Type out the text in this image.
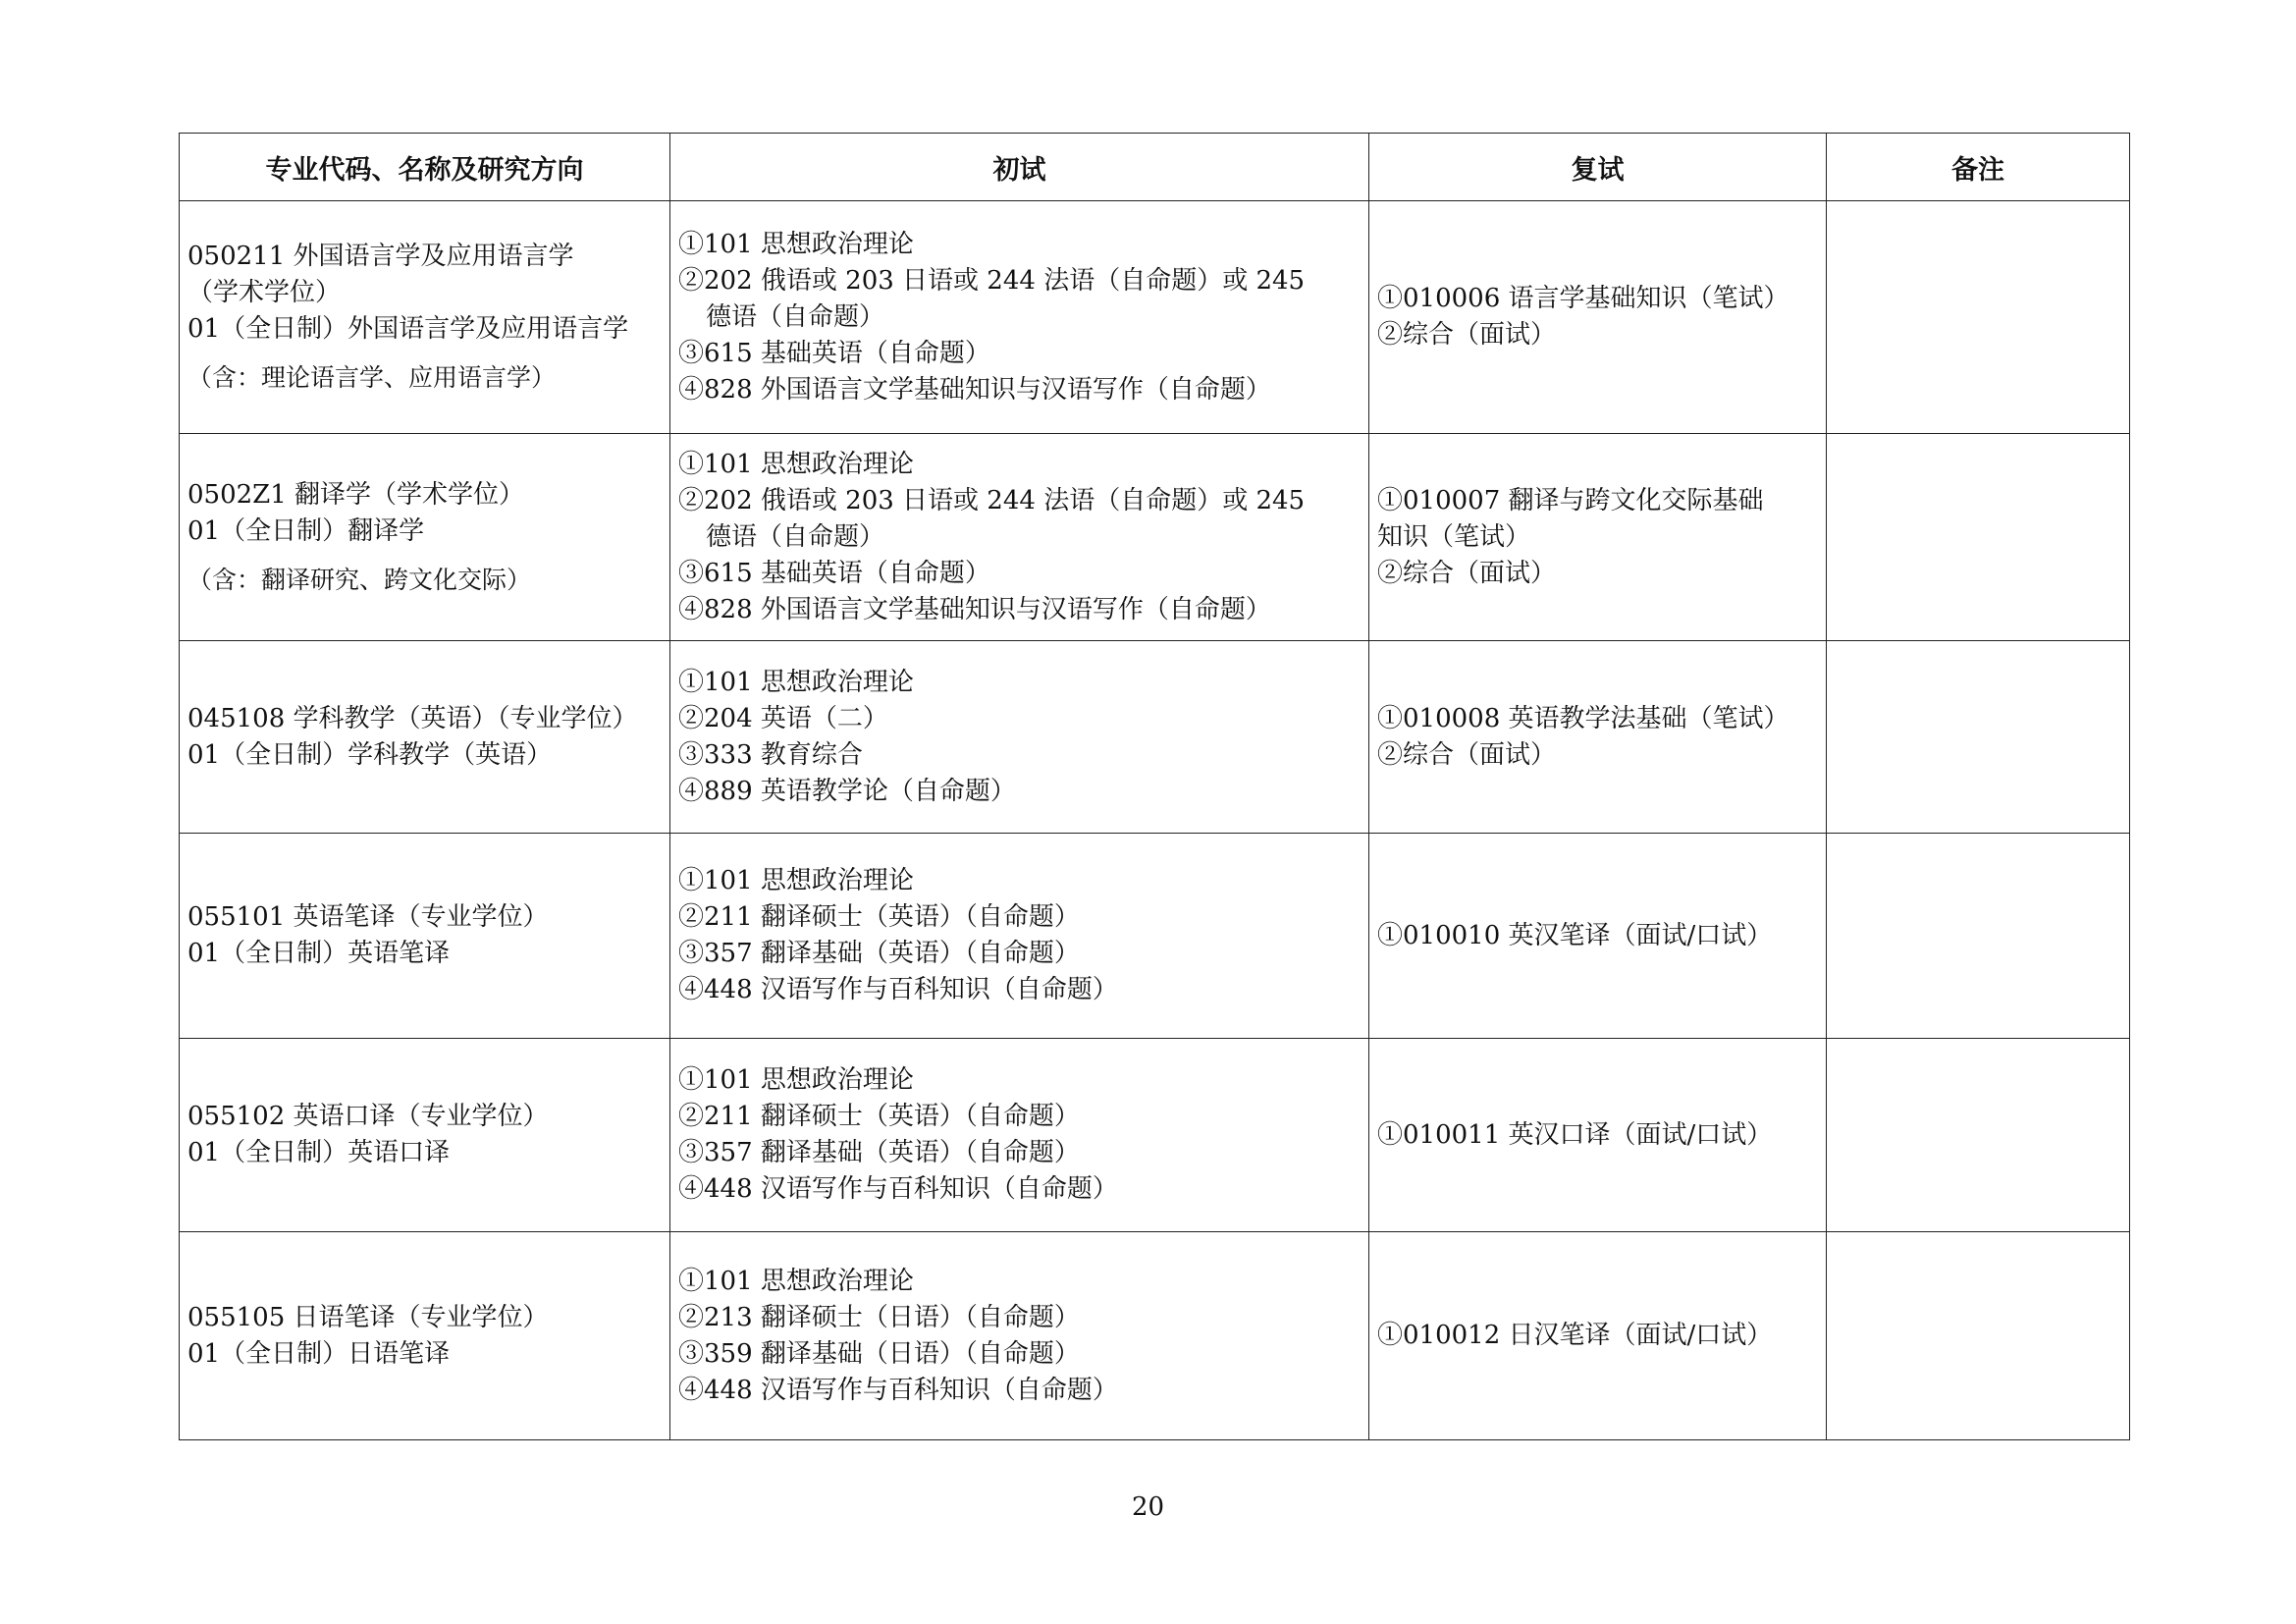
专业代码、名称及研究方向	初试	复试	备注

050211 外国语言学及应用语言学
（学术学位）
01（全日制）外国语言学及应用语言学
（含：理论语言学、应用语言学）	①101 思想政治理论
②202 俄语或 203 日语或 244 法语（自命题）或 245
德语（自命题）
③615 基础英语（自命题）
④828 外国语言文学基础知识与汉语写作（自命题）	①010006 语言学基础知识（笔试）
②综合（面试）	

0502Z1 翻译学（学术学位）
01（全日制）翻译学
（含：翻译研究、跨文化交际）	①101 思想政治理论
②202 俄语或 203 日语或 244 法语（自命题）或 245
德语（自命题）
③615 基础英语（自命题）
④828 外国语言文学基础知识与汉语写作（自命题）	①010007 翻译与跨文化交际基础
知识（笔试）
②综合（面试）	

045108 学科教学（英语）（专业学位）
01（全日制）学科教学（英语）	①101 思想政治理论
②204 英语（二）
③333 教育综合
④889 英语教学论（自命题）	①010008 英语教学法基础（笔试）
②综合（面试）	

055101 英语笔译（专业学位）
01（全日制）英语笔译	①101 思想政治理论
②211 翻译硕士（英语）（自命题）
③357 翻译基础（英语）（自命题）
④448 汉语写作与百科知识（自命题）	①010010 英汉笔译（面试/口试）	

055102 英语口译（专业学位）
01（全日制）英语口译	①101 思想政治理论
②211 翻译硕士（英语）（自命题）
③357 翻译基础（英语）（自命题）
④448 汉语写作与百科知识（自命题）	①010011 英汉口译（面试/口试）	

055105 日语笔译（专业学位）
01（全日制）日语笔译	①101 思想政治理论
②213 翻译硕士（日语）（自命题）
③359 翻译基础（日语）（自命题）
④448 汉语写作与百科知识（自命题）	①010012 日汉笔译（面试/口试）	

20
